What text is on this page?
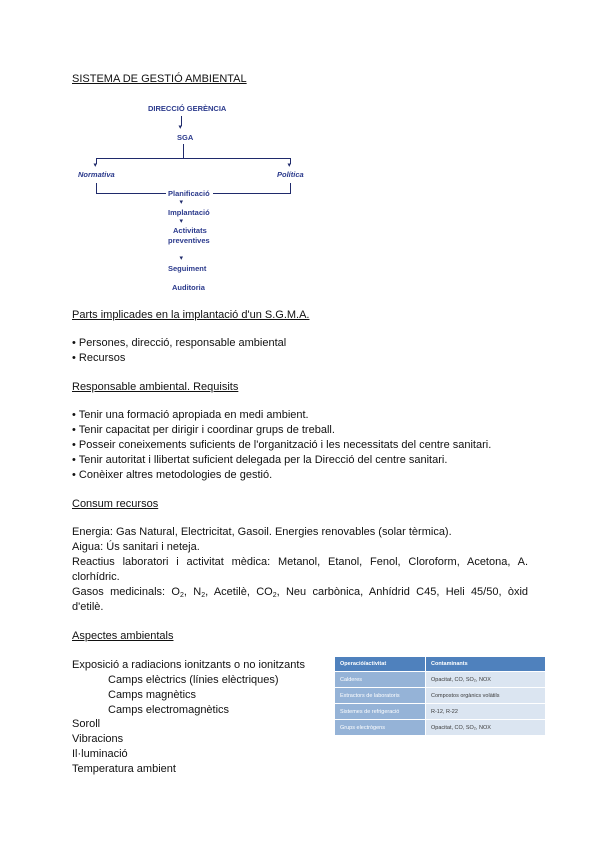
SISTEMA DE GESTIÓ AMBIENTAL
DIRECCIÓ GERÈNCIA
▾
SGA
▾	▾
Normativa	Política
Planificació
▾
Implantació
▾
Activitats
preventives
▾
Seguiment
Auditoria
Parts implicades en la implantació d'un S.G.M.A.
• Persones, direcció, responsable ambiental
• Recursos
Responsable ambiental. Requisits
• Tenir una formació apropiada en medi ambient.
• Tenir capacitat per dirigir i coordinar grups de treball.
• Posseir coneixements suficients de l'organització i les necessitats del centre sanitari.
• Tenir autoritat i llibertat suficient delegada per la Direcció del centre sanitari.
• Conèixer altres metodologies de gestió.
Consum recursos
Energia: Gas Natural, Electricitat, Gasoil. Energies renovables (solar tèrmica).
Aigua: Ús sanitari i neteja.
Reactius laboratori i activitat mèdica: Metanol, Etanol, Fenol, Cloroform, Acetona, A.
clorhídric.
Gasos medicinals: $O_2$, $N_2$, Acetilè, $CO_2$, Neu carbònica, Anhídrid C45, Heli 45/50, òxid
d'etilè.
Aspectes ambientals
Exposició a radiacions ionitzants o no ionitzants
Camps elèctrics (línies elèctriques)
Camps magnètics
Camps electromagnètics
Soroll
Vibracions
Il·luminació
Temperatura ambient
Operació/activitat	Contaminants
Calderes	Opacitat, CO, SO₂, NOX
Extractors de laboratoris	Compostos orgànics volàtils
Sistemes de refrigeració	R-12, R-22
Grups electrògens	Opacitat, CO, SO₂, NOX
